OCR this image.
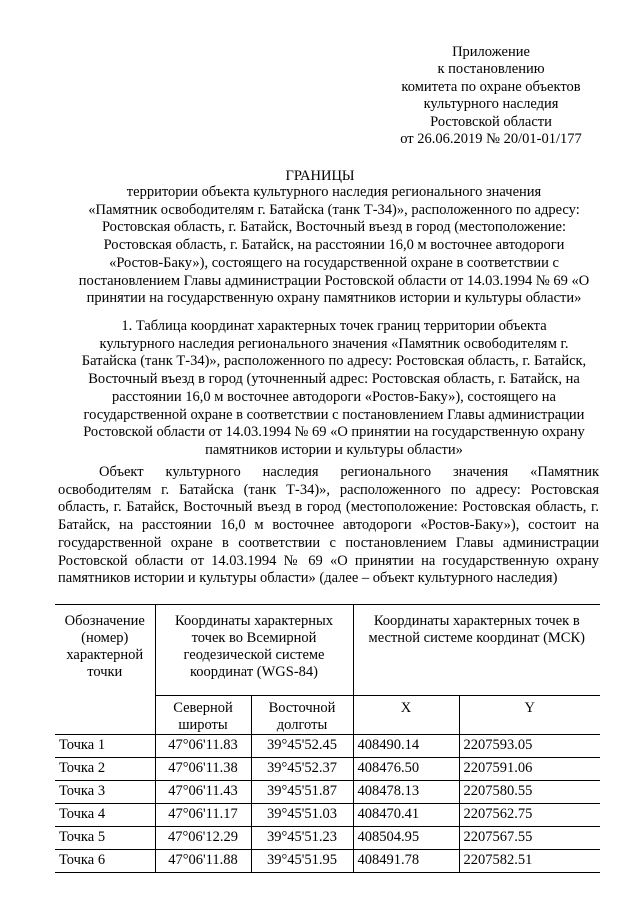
Приложение
к постановлению
комитета по охране объектов
культурного наследия
Ростовской области
от 26.06.2019 № 20/01-01/177
ГРАНИЦЫ
территории объекта культурного наследия регионального значения
«Памятник освободителям г. Батайска (танк Т-34)», расположенного по адресу:
Ростовская область, г. Батайск, Восточный въезд в город (местоположение:
Ростовская область, г. Батайск, на расстоянии 16,0 м восточнее автодороги
«Ростов-Баку»), состоящего на государственной охране в соответствии с
постановлением Главы администрации Ростовской области от 14.03.1994 № 69 «О
принятии на государственную охрану памятников истории и культуры области»
1. Таблица координат характерных точек границ территории объекта
культурного наследия регионального значения «Памятник освободителям г.
Батайска (танк Т-34)», расположенного по адресу: Ростовская область, г. Батайск,
Восточный въезд в город (уточненный адрес: Ростовская область, г. Батайск, на
расстоянии 16,0 м восточнее автодороги «Ростов-Баку»), состоящего на
государственной охране в соответствии с постановлением Главы администрации
Ростовской области от 14.03.1994 № 69 «О принятии на государственную охрану
памятников истории и культуры области»
Объект культурного наследия регионального значения «Памятник освободителям г. Батайска (танк Т-34)», расположенного по адресу: Ростовская область, г. Батайск, Восточный въезд в город (местоположение: Ростовская область, г. Батайск, на расстоянии 16,0 м восточнее автодороги «Ростов-Баку»), состоит на государственной охране в соответствии с постановлением Главы администрации Ростовской области от 14.03.1994 № 69 «О принятии на государственную охрану памятников истории и культуры области» (далее – объект культурного наследия)
Обозначение (номер) характерной точки	Координаты характерных точек во Всемирной геодезической системе координат (WGS-84)		Координаты характерных точек в местной системе координат (МСК)	
	Северной широты	Восточной долготы	X	Y
Точка 1	47°06'11.83	39°45'52.45	408490.14	2207593.05
Точка 2	47°06'11.38	39°45'52.37	408476.50	2207591.06
Точка 3	47°06'11.43	39°45'51.87	408478.13	2207580.55
Точка 4	47°06'11.17	39°45'51.03	408470.41	2207562.75
Точка 5	47°06'12.29	39°45'51.23	408504.95	2207567.55
Точка 6	47°06'11.88	39°45'51.95	408491.78	2207582.51
